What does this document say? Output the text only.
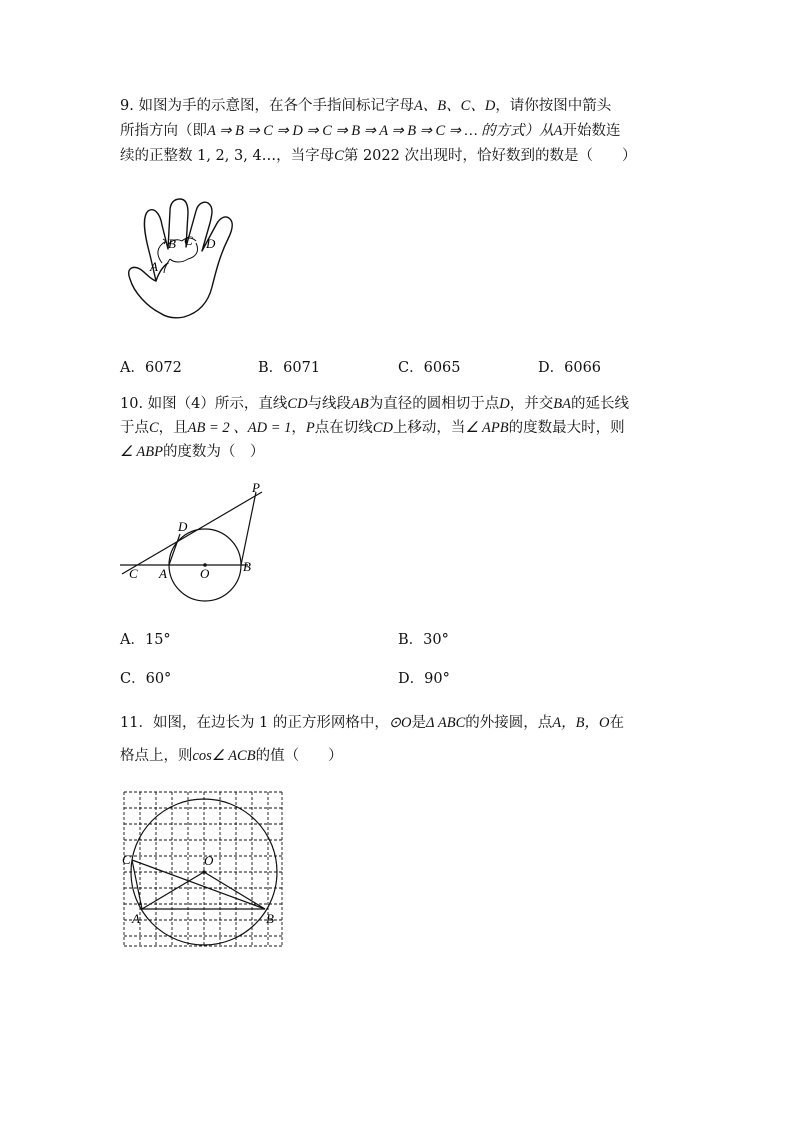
9. 如图为手的示意图，在各个手指间标记字母A、B、C、D，请你按图中箭头
所指方向（即A ⇒ B ⇒ C ⇒ D ⇒ C ⇒ B ⇒ A ⇒ B ⇒ C ⇒ … 的方式）从A开始数连
续的正整数 1, 2, 3, 4…，当字母C第 2022 次出现时，恰好数到的数是（　　）
B C D
A
A．6072	B．6071	C．6065	D．6066
10. 如图（4）所示，直线CD与线段AB为直径的圆相切于点D，并交BA的延长线
于点C，且AB = 2 、AD = 1，P点在切线CD上移动，当∠ APB的度数最大时，则
∠ ABP的度数为（　）
P
D
C A	O	B
A．15°	B．30°
C．60°	D．90°
11．如图，在边长为 1 的正方形网格中，⊙O是Δ ABC的外接圆，点A，B，O在
格点上，则cos∠ ACB的值（　　）
C	O
A	B
